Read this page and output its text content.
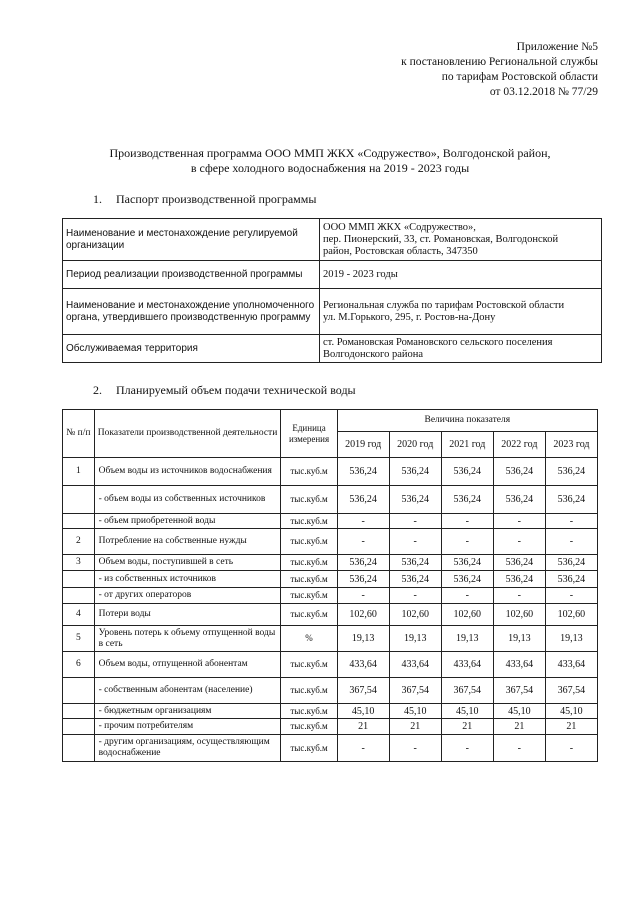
Приложение №5
к постановлению Региональной службы
по тарифам Ростовской области
от 03.12.2018 № 77/29
Производственная программа ООО ММП ЖКХ «Содружество», Волгодонской район,
в сфере холодного водоснабжения на 2019 - 2023 годы
1. Паспорт производственной программы
Наименование и местонахождение регулируемой организации	ООО ММП ЖКХ «Содружество»,
пер. Пионерский, 33, ст. Романовская, Волгодонской
район, Ростовская область, 347350

Период реализации производственной программы	2019 - 2023 годы

Наименование и местонахождение уполномоченного органа, утвердившего производственную программу	Региональная служба по тарифам Ростовской области
ул. М.Горького, 295, г. Ростов-на-Дону

Обслуживаемая территория	ст. Романовская Романовского сельского поселения
Волгодонского района
2. Планируемый объем подачи технической воды
№ п/п	Показатели производственной деятельности	Единица измерения	Величина показателя				
			2019 год	2020 год	2021 год	2022 год	2023 год
1	Объем воды из источников водоснабжения	тыс.куб.м	536,24	536,24	536,24	536,24	536,24
	- объем воды из собственных источников	тыс.куб.м	536,24	536,24	536,24	536,24	536,24
	- объем приобретенной воды	тыс.куб.м	-	-	-	-	-
2	Потребление на собственные нужды	тыс.куб.м	-	-	-	-	-
3	Объем воды, поступившей в сеть	тыс.куб.м	536,24	536,24	536,24	536,24	536,24
	- из собственных источников	тыс.куб.м	536,24	536,24	536,24	536,24	536,24
	- от других операторов	тыс.куб.м	-	-	-	-	-
4	Потери воды	тыс.куб.м	102,60	102,60	102,60	102,60	102,60
5	Уровень потерь к объему отпущенной воды в сеть	%	19,13	19,13	19,13	19,13	19,13
6	Объем воды, отпущенной абонентам	тыс.куб.м	433,64	433,64	433,64	433,64	433,64
	- собственным абонентам (население)	тыс.куб.м	367,54	367,54	367,54	367,54	367,54
	- бюджетным организациям	тыс.куб.м	45,10	45,10	45,10	45,10	45,10
	- прочим потребителям	тыс.куб.м	21	21	21	21	21
	- другим организациям, осуществляющим водоснабжение	тыс.куб.м	-	-	-	-	-
